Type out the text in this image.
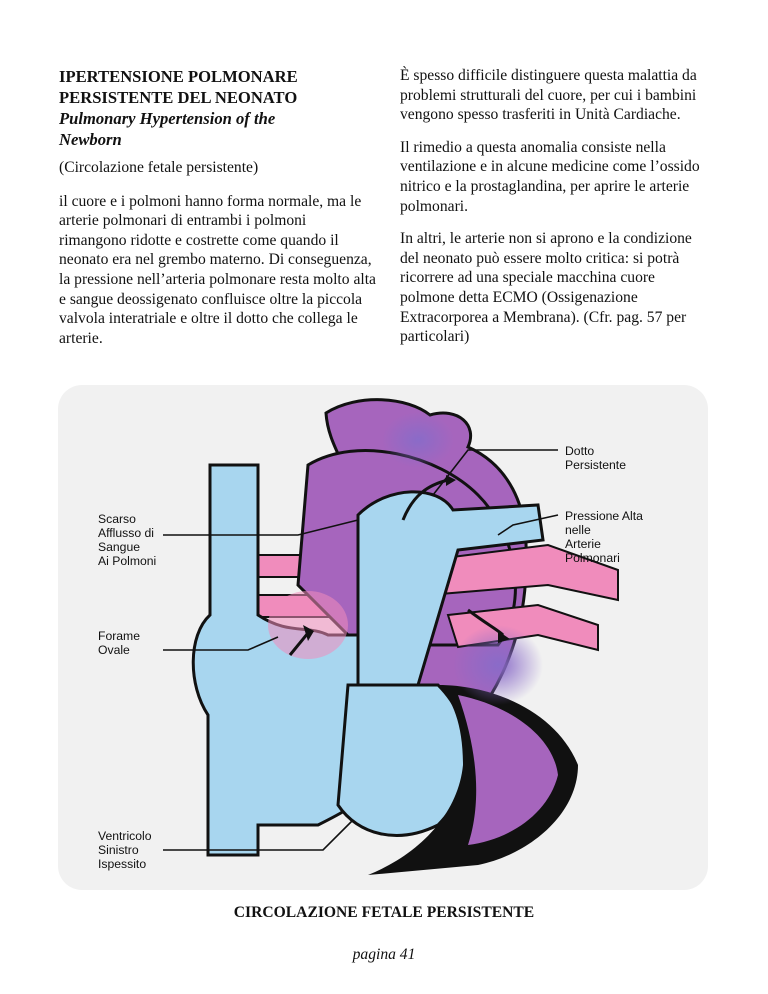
IPERTENSIONE POLMONARE
PERSISTENTE DEL NEONATO
Pulmonary Hypertension of the
Newborn

(Circolazione fetale persistente)

il cuore e i polmoni hanno forma normale, ma le arterie polmonari di entrambi i polmoni rimangono ridotte e costrette come quando il neonato era nel grembo materno. Di conseguenza, la pressione nell’arteria polmonare resta molto alta e sangue deossigenato confluisce oltre la piccola valvola interatriale e oltre il dotto che collega le arterie.

È spesso difficile distinguere questa malattia da problemi strutturali del cuore, per cui i bambini vengono spesso trasferiti in Unità Cardiache.

Il rimedio a questa anomalia consiste nella ventilazione e in alcune medicine come l’ossido nitrico e la prostaglandina, per aprire le arterie polmonari.

In altri, le arterie non si aprono e la condizione del neonato può essere molto critica: si potrà ricorrere ad una speciale macchina cuore polmone detta ECMO (Ossigenazione Extracorporea a Membrana). (Cfr. pag. 57 per particolari)

Dotto Persistente
Pressione Alta nelle Arterie Polmonari
Scarso Afflusso di Sangue Ai Polmoni
Forame Ovale
Ventricolo Sinistro Ispessito
CIRCOLAZIONE FETALE PERSISTENTE
pagina 41
